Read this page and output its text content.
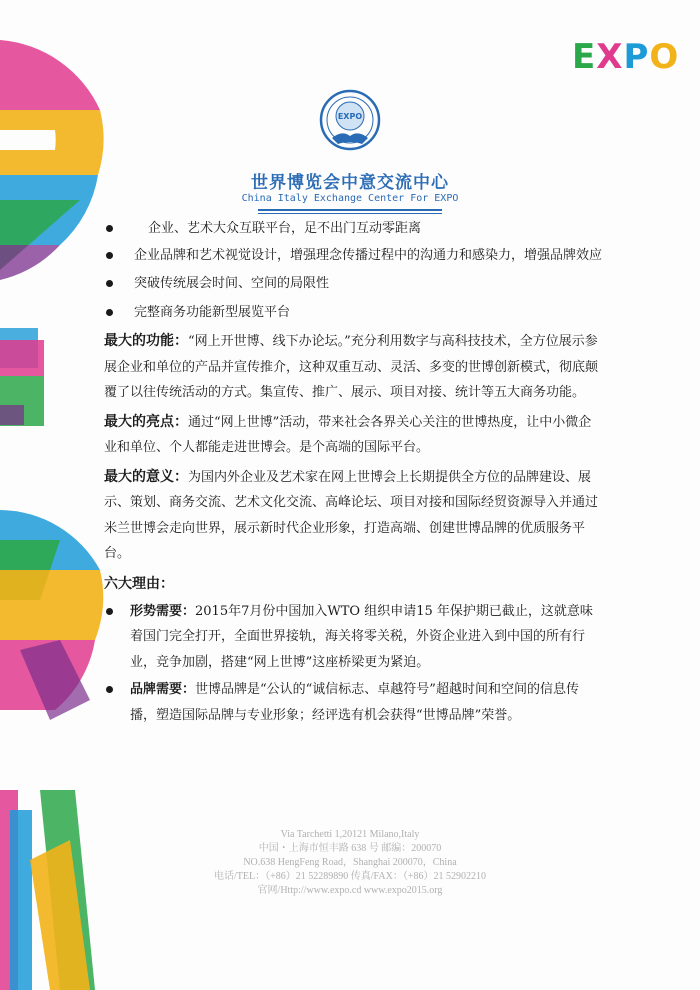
EXPO
EXPO
世界博览会中意交流中心
China Italy Exchange Center For EXPO
企业、艺术大众互联平台，足不出门互动零距离
企业品牌和艺术视觉设计，增强理念传播过程中的沟通力和感染力，增强品牌效应
突破传统展会时间、空间的局限性
完整商务功能新型展览平台
最大的功能：“网上开世博、线下办论坛。”充分利用数字与高科技技术，全方位展示参展企业和单位的产品并宣传推介，这种双重互动、灵活、多变的世博创新模式，彻底颠覆了以往传统活动的方式。集宣传、推广、展示、项目对接、统计等五大商务功能。
最大的亮点：通过“网上世博”活动，带来社会各界关心关注的世博热度，让中小微企业和单位、个人都能走进世博会。是个高端的国际平台。
最大的意义：为国内外企业及艺术家在网上世博会上长期提供全方位的品牌建设、展示、策划、商务交流、艺术文化交流、高峰论坛、项目对接和国际经贸资源导入并通过米兰世博会走向世界，展示新时代企业形象，打造高端、创建世博品牌的优质服务平台。
六大理由：
形势需要：2015年7月份中国加入WTO 组织申请15 年保护期已截止，这就意味着国门完全打开，全面世界接轨，海关将零关税，外资企业进入到中国的所有行业，竞争加剧，搭建“网上世博”这座桥梁更为紧迫。
品牌需要：世博品牌是“公认的“诚信标志、卓越符号”超越时间和空间的信息传播，塑造国际品牌与专业形象；经评选有机会获得“世博品牌”荣誉。
Via Tarchetti 1,20121 Milano,Italy
中国・上海市恒丰路 638 号 邮编：200070
NO.638 HengFeng Road，Shanghai 200070，China
电话/TEL：（+86）21 52289890 传真/FAX：（+86）21 52902210
官网/Http://www.expo.cd www.expo2015.org
